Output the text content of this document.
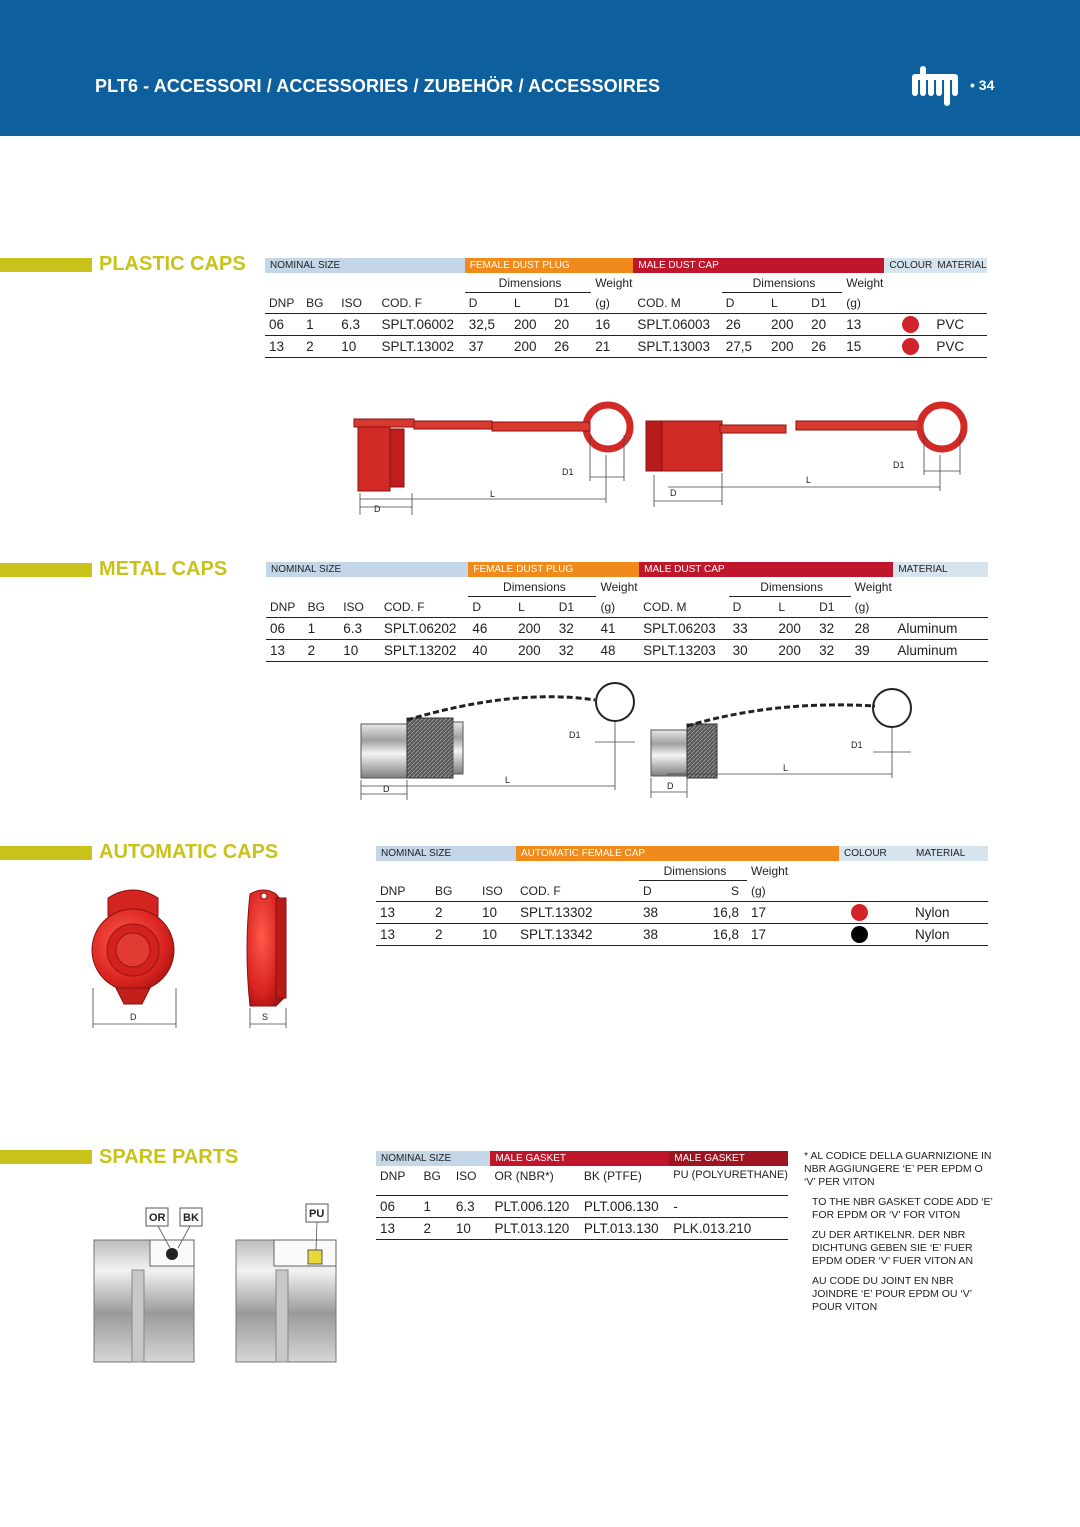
PLT6 - ACCESSORI / ACCESSORIES / ZUBEHÖR / ACCESSOIRES	• 34
PLASTIC CAPS NOMINAL SIZE				FEMALE DUST PLUG				MALE DUST CAP					COLOUR	MATERIAL
				Dimensions			Weight		Dimensions			Weight		
DNP	BG	ISO	COD. F	D	L	D1	(g)	COD. M	D	L	D1	(g)		
06	1	6.3	SPLT.06002	32,5	200	20	16	SPLT.06003	26	200	20	13		PVC
13	2	10	SPLT.13002	37	200	26	21	SPLT.13003	27,5	200	26	15		PVC
D
L
D1
D
L
D1
METAL CAPS	NOMINAL SIZE				FEMALE DUST PLUG				MALE DUST CAP					MATERIAL
				Dimensions			Weight		Dimensions			Weight	
DNP	BG	ISO	COD. F	D	L	D1	(g)	COD. M	D	L	D1	(g)	
06	1	6.3	SPLT.06202	46	200	32	41	SPLT.06203	33	200	32	28	Aluminum
13	2	10	SPLT.13202	40	200	32	48	SPLT.13203	30	200	32	39	Aluminum
D
L
D1
D
L
D1
AUTOMATIC CAPS	NOMINAL SIZE			AUTOMATIC FEMALE CAP				COLOUR	MATERIAL
				Dimensions		Weight		
DNP	BG	ISO	COD. F	D	S	(g)		
13	2	10	SPLT.13302	38	16,8	17		Nylon
13	2	10	SPLT.13342	38	16,8	17		Nylon
D	S
SPARE PARTS	NOMINAL SIZE			MALE GASKET		MALE GASKET
DNP	BG	ISO	OR (NBR*)	BK (PTFE)	PU (POLYURETHANE)
06	1	6.3	PLT.006.120	PLT.006.130	-
13	2	10	PLT.013.120	PLT.013.130	PLK.013.210

* AL CODICE DELLA GUARNIZIONE IN NBR AGGIUNGERE ‘E’ PER EPDM O ‘V’ PER VITON

TO THE NBR GASKET CODE ADD ‘E’ FOR EPDM OR ‘V’ FOR VITON

ZU DER ARTIKELNR. DER NBR DICHTUNG GEBEN SIE ‘E’ FUER EPDM ODER ‘V’ FUER VITON AN

AU CODE DU JOINT EN NBR JOINDRE ‘E’ POUR EPDM OU ‘V’ POUR VITON

OR BK	PU
